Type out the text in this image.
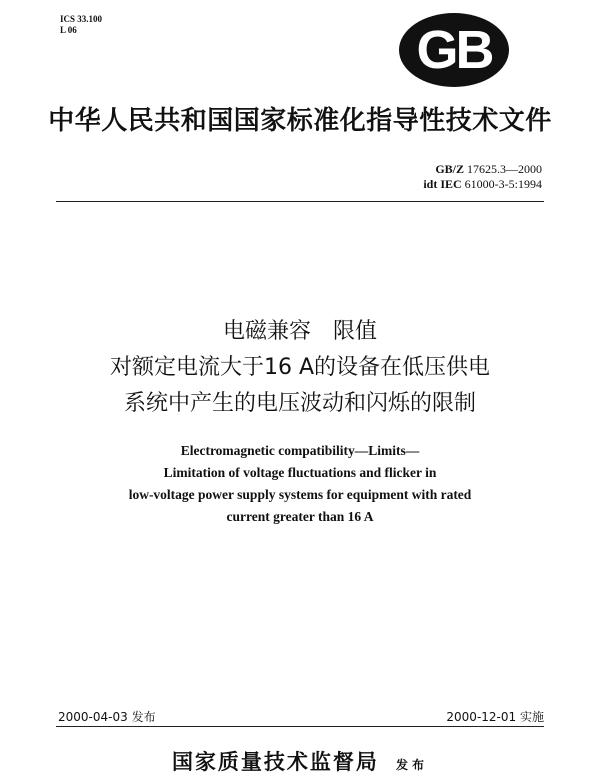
ICS 33.100
L 06	GB
中华人民共和国国家标准化指导性技术文件
GB/Z 17625.3—2000
idt IEC 61000-3-5:1994
电磁兼容　限值
对额定电流大于16 A的设备在低压供电
系统中产生的电压波动和闪烁的限制
Electromagnetic compatibility—Limits—
Limitation of voltage fluctuations and flicker in
low-voltage power supply systems for equipment with rated
current greater than 16 A
2000-04-03 发布	2000-12-01 实施
国家质量技术监督局 发布
